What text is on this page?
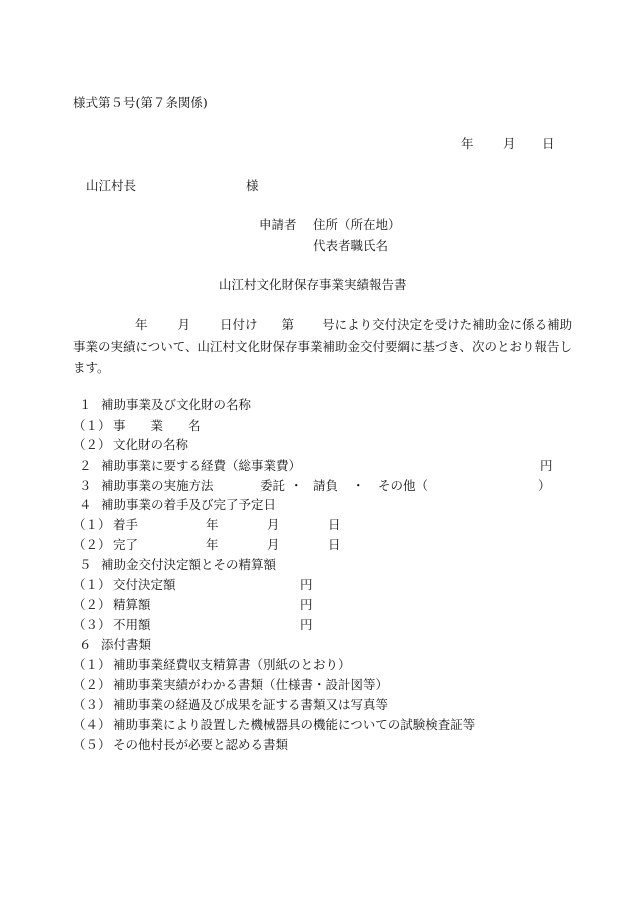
様式第５号(第７条関係)
年 月 日
山江村長	様
申請者 住所（所在地）
代表者職氏名
山江村文化財保存事業実績報告書
年 月 日付け 第 号により交付決定を受けた補助金に係る補助事業の実績について、山江村文化財保存事業補助金交付要綱に基づき、次のとおり報告します。
１ 補助事業及び文化財の名称
（１） 事　　業　　名
（２） 文化財の名称
２ 補助事業に要する経費（総事業費）	円
３ 補助事業の実施方法	委託 ・ 請負 ・ その他（	）
４ 補助事業の着手及び完了予定日
（１） 着手	年	月	日
（２） 完了	年	月	日
５ 補助金交付決定額とその精算額
（１） 交付決定額	円
（２） 精算額	円
（３） 不用額	円
６ 添付書類
（１） 補助事業経費収支精算書（別紙のとおり）
（２） 補助事業実績がわかる書類（仕様書・設計図等）
（３） 補助事業の経過及び成果を証する書類又は写真等
（４） 補助事業により設置した機械器具の機能についての試験検査証等
（５） その他村長が必要と認める書類
